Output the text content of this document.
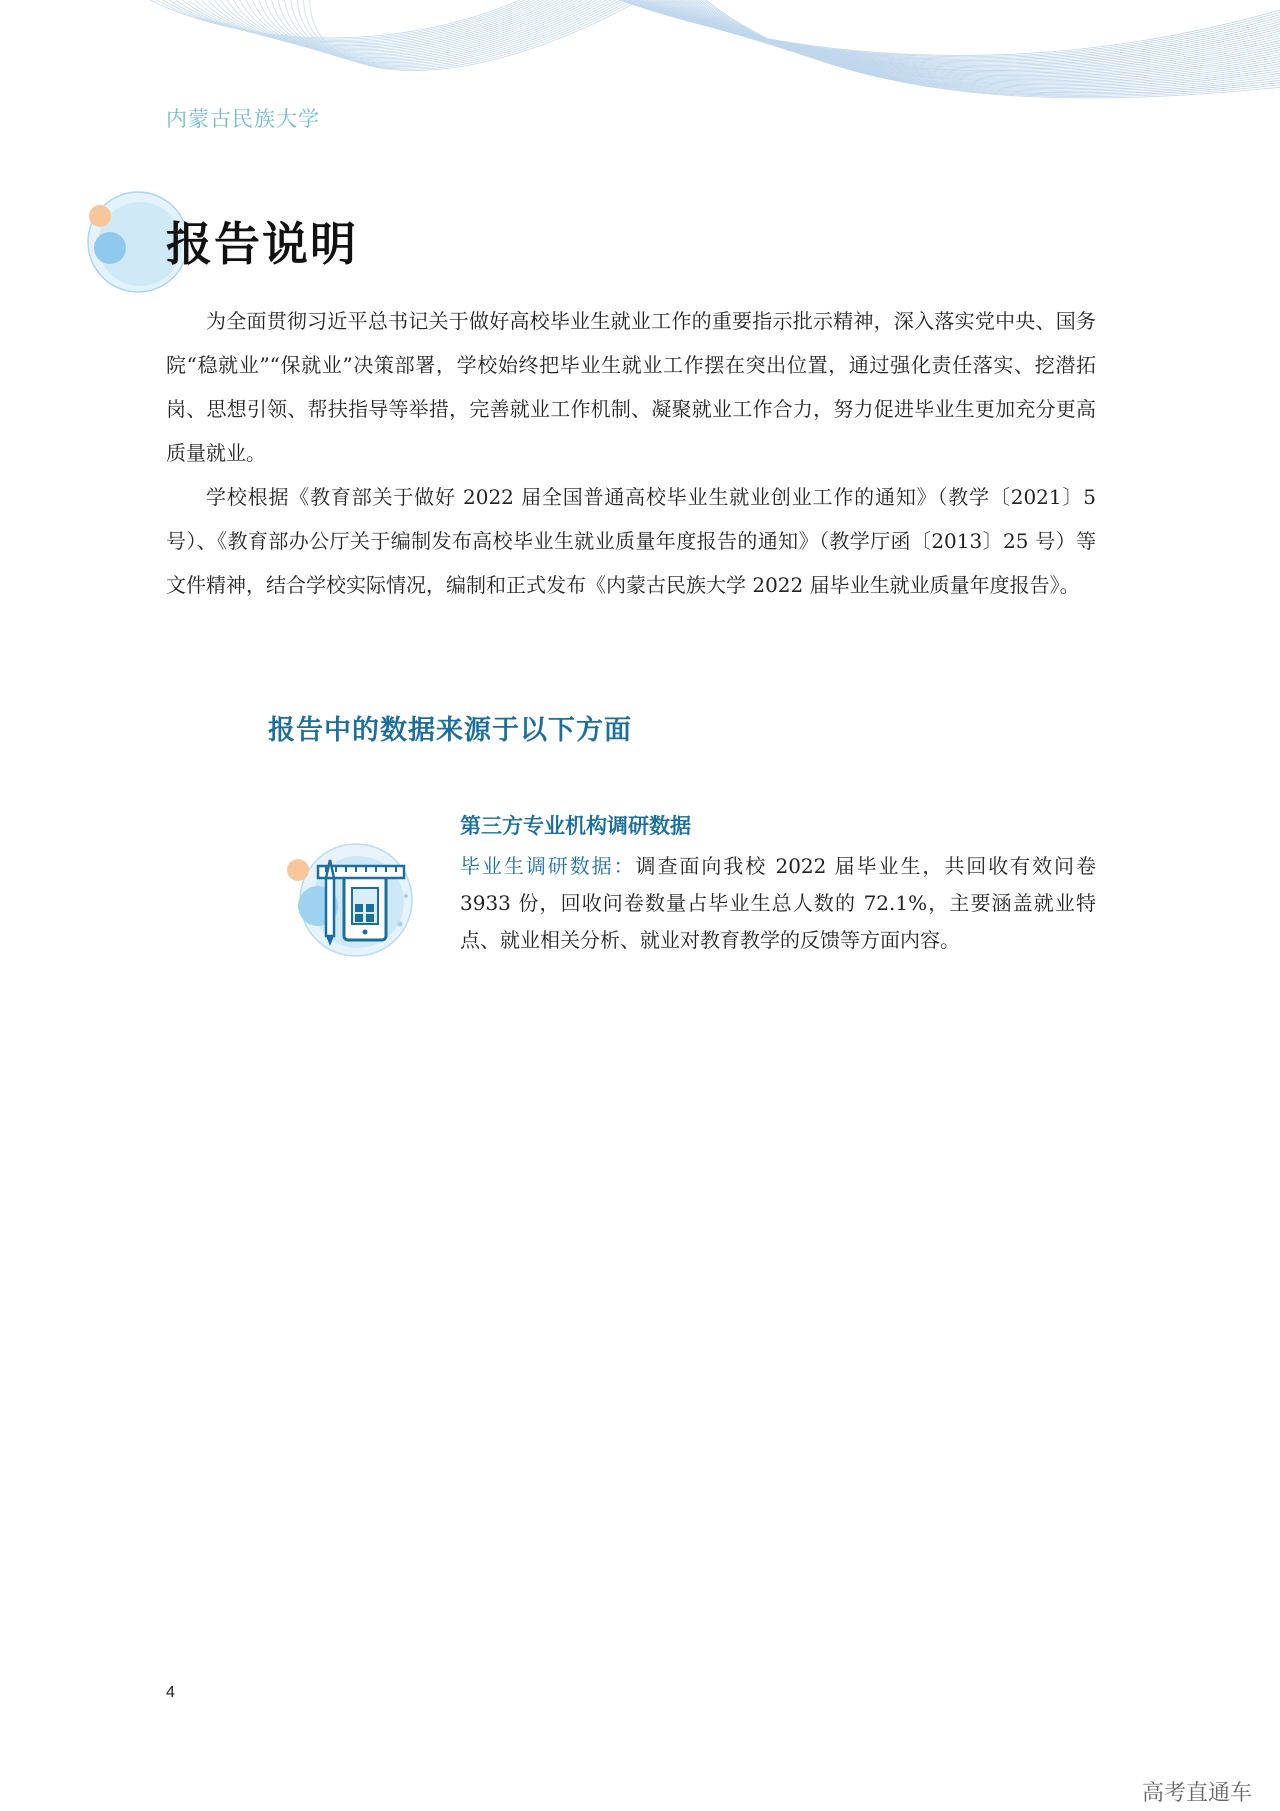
内蒙古民族大学
报告说明

为全面贯彻习近平总书记关于做好高校毕业生就业工作的重要指示批示精神，深入落实党中央、国务院“稳就业”“保就业”决策部署，学校始终把毕业生就业工作摆在突出位置，通过强化责任落实、挖潜拓岗、思想引领、帮扶指导等举措，完善就业工作机制、凝聚就业工作合力，努力促进毕业生更加充分更高质量就业。

学校根据《教育部关于做好 2022 届全国普通高校毕业生就业创业工作的通知》（教学〔2021〕5 号）、《教育部办公厅关于编制发布高校毕业生就业质量年度报告的通知》（教学厅函〔2013〕25 号）等文件精神，结合学校实际情况，编制和正式发布《内蒙古民族大学 2022 届毕业生就业质量年度报告》。

报告中的数据来源于以下方面
第三方专业机构调研数据
毕业生调研数据：调查面向我校 2022 届毕业生，共回收有效问卷 3933 份，回收问卷数量占毕业生总人数的 72.1%，主要涵盖就业特点、就业相关分析、就业对教育教学的反馈等方面内容。
4
高考直通车
